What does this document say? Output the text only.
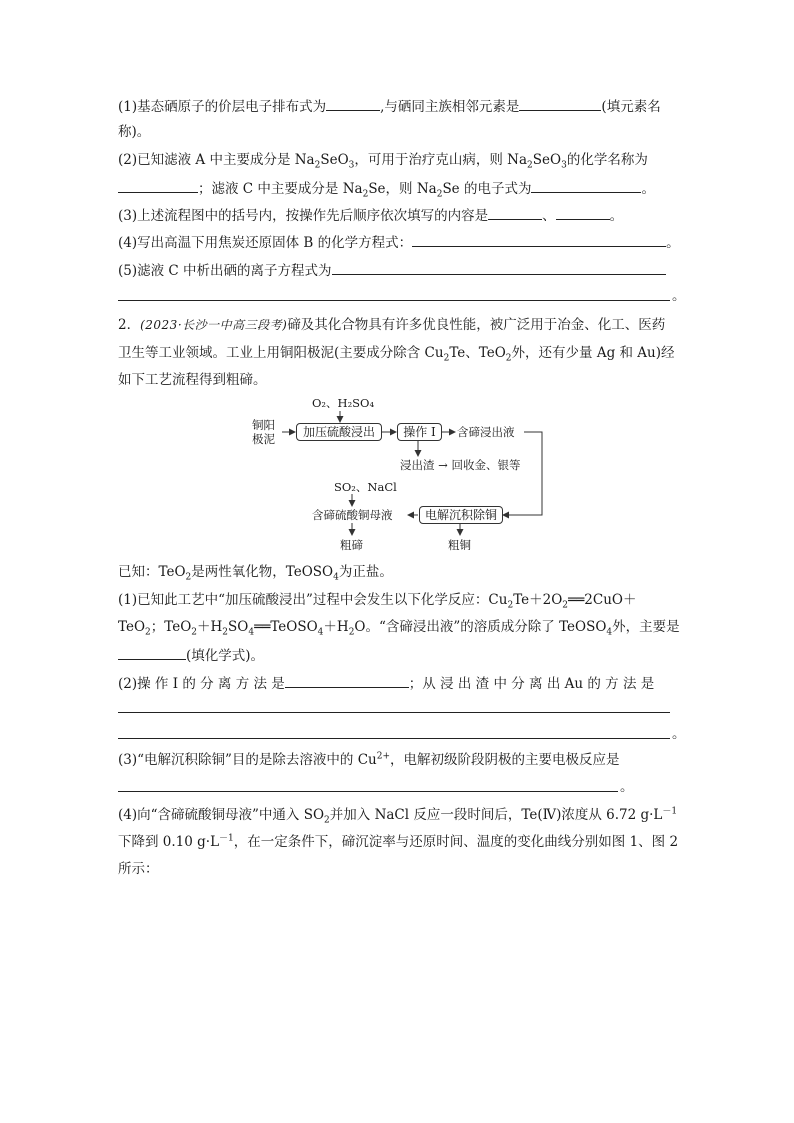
(1)基态硒原子的价层电子排布式为	,与硒同主族相邻元素是	(填元素名
称)。
(2)已知滤液 A 中主要成分是 $Na_2SeO_3$，可用于治疗克山病，则 $Na_2SeO_3$的化学名称为
；滤液 C 中主要成分是 $Na_2Se$，则 $Na_2Se$ 的电子式为	。
(3)上述流程图中的括号内，按操作先后顺序依次填写的内容是	、	。
(4)写出高温下用焦炭还原固体 B 的化学方程式：	。
(5)滤液 C 中析出硒的离子方程式为
。
2．(2023·长沙一中高三段考)碲及其化合物具有许多优良性能，被广泛用于冶金、化工、医药
卫生等工业领域。工业上用铜阳极泥(主要成分除含 $Cu_2Te$、TeO$_2$外，还有少量 Ag 和 Au)经
如下工艺流程得到粗碲。
铜阳
极泥
O₂、H₂SO₄
加压硫酸浸出	操作 Ⅰ	含碲浸出液
浸出渣 → 回收金、银等
SO₂、NaCl
含碲硫酸铜母液	电解沉积除铜
粗碲	粗铜
已知：TeO$_2$是两性氧化物，TeOSO$_4$为正盐。
(1)已知此工艺中“加压硫酸浸出”过程中会发生以下化学反应：$Cu_2Te+2O_2══2CuO+$
TeO$_2$；$TeO_2+H_2SO_4══TeOSO_4+H_2O$。“含碲浸出液”的溶质成分除了 TeOSO$_4$外，主要是
(填化学式)。
(2)操 作 Ⅰ 的 分 离 方 法 是	；从 浸 出 渣 中 分 离 出 Au 的 方 法 是
。
(3)“电解沉积除铜”目的是除去溶液中的 $Cu^{2+}$，电解初级阶段阴极的主要电极反应是
。
(4)向“含碲硫酸铜母液”中通入 $SO_2$并加入 NaCl 反应一段时间后，Te(Ⅳ)浓度从 6.72 $g\cdot L^{-1}$
下降到 0.10 $g\cdot L^{-1}$，在一定条件下，碲沉淀率与还原时间、温度的变化曲线分别如图 1、图 2
所示：
